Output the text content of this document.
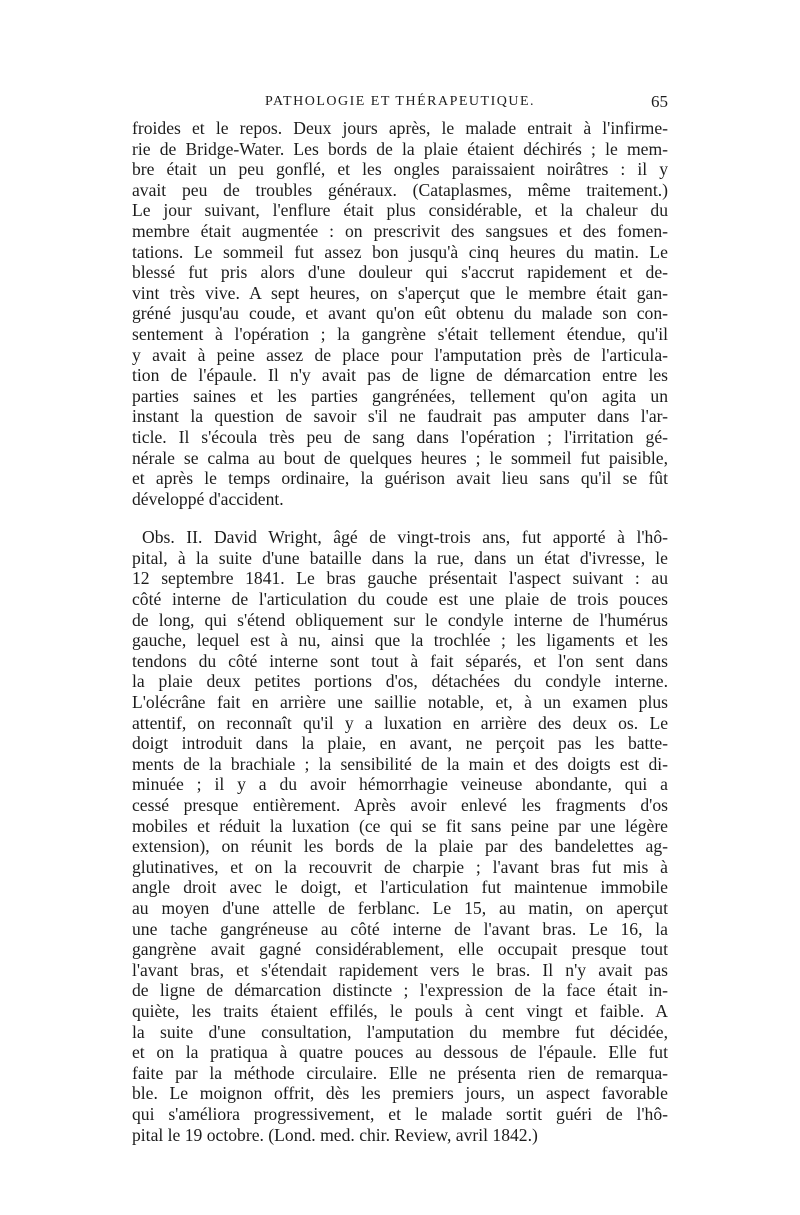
PATHOLOGIE ET THÉRAPEUTIQUE.	65
froides et le repos. Deux jours après, le malade entrait à l'infirme-
rie de Bridge-Water. Les bords de la plaie étaient déchirés ; le mem-
bre était un peu gonflé, et les ongles paraissaient noirâtres : il y
avait peu de troubles généraux. (Cataplasmes, même traitement.)
Le jour suivant, l'enflure était plus considérable, et la chaleur du
membre était augmentée : on prescrivit des sangsues et des fomen-
tations. Le sommeil fut assez bon jusqu'à cinq heures du matin. Le
blessé fut pris alors d'une douleur qui s'accrut rapidement et de-
vint très vive. A sept heures, on s'aperçut que le membre était gan-
gréné jusqu'au coude, et avant qu'on eût obtenu du malade son con-
sentement à l'opération ; la gangrène s'était tellement étendue, qu'il
y avait à peine assez de place pour l'amputation près de l'articula-
tion de l'épaule. Il n'y avait pas de ligne de démarcation entre les
parties saines et les parties gangrénées, tellement qu'on agita un
instant la question de savoir s'il ne faudrait pas amputer dans l'ar-
ticle. Il s'écoula très peu de sang dans l'opération ; l'irritation gé-
nérale se calma au bout de quelques heures ; le sommeil fut paisible,
et après le temps ordinaire, la guérison avait lieu sans qu'il se fût
développé d'accident.
Obs. II. David Wright, âgé de vingt-trois ans, fut apporté à l'hô-
pital, à la suite d'une bataille dans la rue, dans un état d'ivresse, le
12 septembre 1841. Le bras gauche présentait l'aspect suivant : au
côté interne de l'articulation du coude est une plaie de trois pouces
de long, qui s'étend obliquement sur le condyle interne de l'humérus
gauche, lequel est à nu, ainsi que la trochlée ; les ligaments et les
tendons du côté interne sont tout à fait séparés, et l'on sent dans
la plaie deux petites portions d'os, détachées du condyle interne.
L'olécrâne fait en arrière une saillie notable, et, à un examen plus
attentif, on reconnaît qu'il y a luxation en arrière des deux os. Le
doigt introduit dans la plaie, en avant, ne perçoit pas les batte-
ments de la brachiale ; la sensibilité de la main et des doigts est di-
minuée ; il y a du avoir hémorrhagie veineuse abondante, qui a
cessé presque entièrement. Après avoir enlevé les fragments d'os
mobiles et réduit la luxation (ce qui se fit sans peine par une légère
extension), on réunit les bords de la plaie par des bandelettes ag-
glutinatives, et on la recouvrit de charpie ; l'avant bras fut mis à
angle droit avec le doigt, et l'articulation fut maintenue immobile
au moyen d'une attelle de ferblanc. Le 15, au matin, on aperçut
une tache gangréneuse au côté interne de l'avant bras. Le 16, la
gangrène avait gagné considérablement, elle occupait presque tout
l'avant bras, et s'étendait rapidement vers le bras. Il n'y avait pas
de ligne de démarcation distincte ; l'expression de la face était in-
quiète, les traits étaient effilés, le pouls à cent vingt et faible. A
la suite d'une consultation, l'amputation du membre fut décidée,
et on la pratiqua à quatre pouces au dessous de l'épaule. Elle fut
faite par la méthode circulaire. Elle ne présenta rien de remarqua-
ble. Le moignon offrit, dès les premiers jours, un aspect favorable
qui s'améliora progressivement, et le malade sortit guéri de l'hô-
pital le 19 octobre. (Lond. med. chir. Review, avril 1842.)
